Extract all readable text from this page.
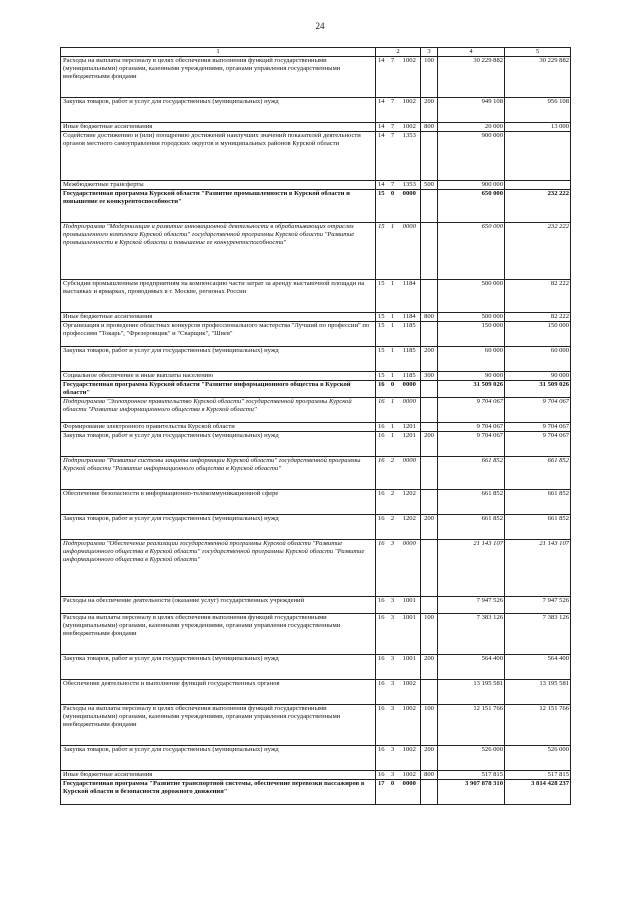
24
1	2			3	4	5
Расходы на выплаты персоналу в целях обеспечения выполнения функций государственными (муниципальными) органами, казенными учреждениями, органами управления государственными внебюджетными фондами	14	7	1002	100	30 229 882	30 229 882
Закупка товаров, работ и услуг для государственных (муниципальных) нужд	14	7	1002	200	949 108	956 108
Иные бюджетные ассигнования	14	7	1002	800	20 000	13 000
Содействие достижению и (или) поощрению достижений наилучших значений показателей деятельности органов местного самоуправления городских округов и муниципальных районов Курской области	14	7	1353		900 000	
Межбюджетные трансферты	14	7	1353	500	900 000	
Государственная программа Курской области "Развитие промышленности в Курской области и повышение ее конкурентоспособности"	15	0	0000		650 000	232 222
Подпрограмма "Модернизация и развитие инновационной деятельности в обрабатывающих отраслях промышленного комплекса Курской области" государственной программы Курской области "Развитие промышленности в Курской области и повышение ее конкурентоспособности"	15	1	0000		650 000	232 222
Субсидии промышленным предприятиям на компенсацию части затрат за аренду выставочной площади на выставках и ярмарках, проводимых в г. Москве, регионах России	15	1	1184		500 000	82 222
Иные бюджетные ассигнования	15	1	1184	800	500 000	82 222
Организация и проведение областных конкурсов профессионального мастерства "Лучший по профессии" по профессиям "Токарь", "Фрезеровщик" и "Сварщик", "Швея"	15	1	1185		150 000	150 000
Закупка товаров, работ и услуг для государственных (муниципальных) нужд	15	1	1185	200	60 000	60 000
Социальное обеспечение и иные выплаты населению	15	1	1185	300	90 000	90 000
Государственная программа Курской области "Развитие информационного общества в Курской области"	16	0	0000		31 509 026	31 509 026
Подпрограмма "Электронное правительство Курской области" государственной программы Курской области "Развитие информационного общества в Курской области"	16	1	0000		9 704 067	9 704 067
Формирование электронного правительства Курской области	16	1	1201		9 704 067	9 704 067
Закупка товаров, работ и услуг для государственных (муниципальных) нужд	16	1	1201	200	9 704 067	9 704 067
Подпрограмма "Развитие системы защиты информации Курской области" государственной программы Курской области "Развитие информационного общества в Курской области"	16	2	0000		661 852	661 852
Обеспечение безопасности в информационно-телекоммуникационной сфере	16	2	1202		661 852	661 852
Закупка товаров, работ и услуг для государственных (муниципальных) нужд	16	2	1202	200	661 852	661 852
Подпрограмма "Обеспечение реализации государственной программы Курской области "Развитие информационного общества в Курской области" государственной программы Курской области "Развитие информационного общества в Курской области"	16	3	0000		21 143 107	21 143 107
Расходы на обеспечение деятельности (оказание услуг) государственных учреждений	16	3	1001		7 947 526	7 947 526
Расходы на выплаты персоналу в целях обеспечения выполнения функций государственными (муниципальными) органами, казенными учреждениями, органами управления государственными внебюджетными фондами	16	3	1001	100	7 383 126	7 383 126
Закупка товаров, работ и услуг для государственных (муниципальных) нужд	16	3	1001	200	564 400	564 400
Обеспечение деятельности и выполнение функций государственных органов	16	3	1002		13 195 581	13 195 581
Расходы на выплаты персоналу в целях обеспечения выполнения функций государственными (муниципальными) органами, казенными учреждениями, органами управления государственными внебюджетными фондами	16	3	1002	100	12 151 766	12 151 766
Закупка товаров, работ и услуг для государственных (муниципальных) нужд	16	3	1002	200	526 000	526 000
Иные бюджетные ассигнования	16	3	1002	800	517 815	517 815
Государственная программа "Развитие транспортной системы, обеспечение перевозки пассажиров в Курской области и безопасности дорожного движения"	17	0	0000		3 907 878 310	3 814 428 237
